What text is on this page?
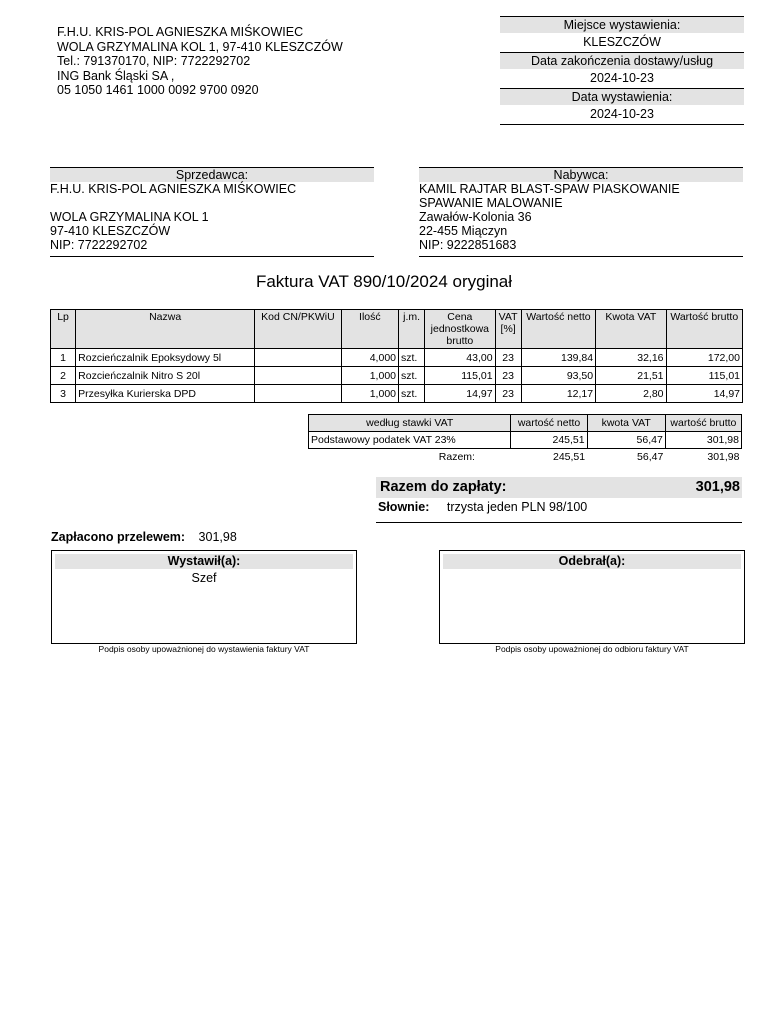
F.H.U. KRIS-POL AGNIESZKA MIŚKOWIEC
WOLA GRZYMALINA KOL 1, 97-410 KLESZCZÓW
Tel.: 791370170, NIP: 7722292702
ING Bank Śląski SA ,
05 1050 1461 1000 0092 9700 0920
Miejsce wystawienia:
KLESZCZÓW
Data zakończenia dostawy/usług
2024-10-23
Data wystawienia:
2024-10-23
Sprzedawca:
F.H.U. KRIS-POL AGNIESZKA MIŚKOWIEC
WOLA GRZYMALINA KOL 1
97-410 KLESZCZÓW
NIP: 7722292702
Nabywca:
KAMIL RAJTAR BLAST-SPAW PIASKOWANIE
SPAWANIE MALOWANIE
Zawałów-Kolonia 36
22-455 Miączyn
NIP: 9222851683
Faktura VAT 890/10/2024 oryginał
Lp	Nazwa	Kod CN/PKWiU	Ilość	j.m.	Cena jednostkowa brutto	VAT [%]	Wartość netto	Kwota VAT	Wartość brutto
1	Rozcieńczalnik Epoksydowy 5l		4,000	szt.	43,00	23	139,84	32,16	172,00
2	Rozcieńczalnik Nitro S 20l		1,000	szt.	115,01	23	93,50	21,51	115,01
3	Przesyłka Kurierska DPD		1,000	szt.	14,97	23	12,17	2,80	14,97
według stawki VAT	wartość netto	kwota VAT	wartość brutto
Podstawowy podatek VAT 23%	245,51	56,47	301,98
Razem:	245,51	56,47	301,98
Razem do zapłaty:	301,98
Słownie: trzysta jeden PLN 98/100
Zapłacono przelewem: 301,98
Wystawił(a):
Szef
Podpis osoby upoważnionej do wystawienia faktury VAT
Odebrał(a):
Podpis osoby upoważnionej do odbioru faktury VAT
